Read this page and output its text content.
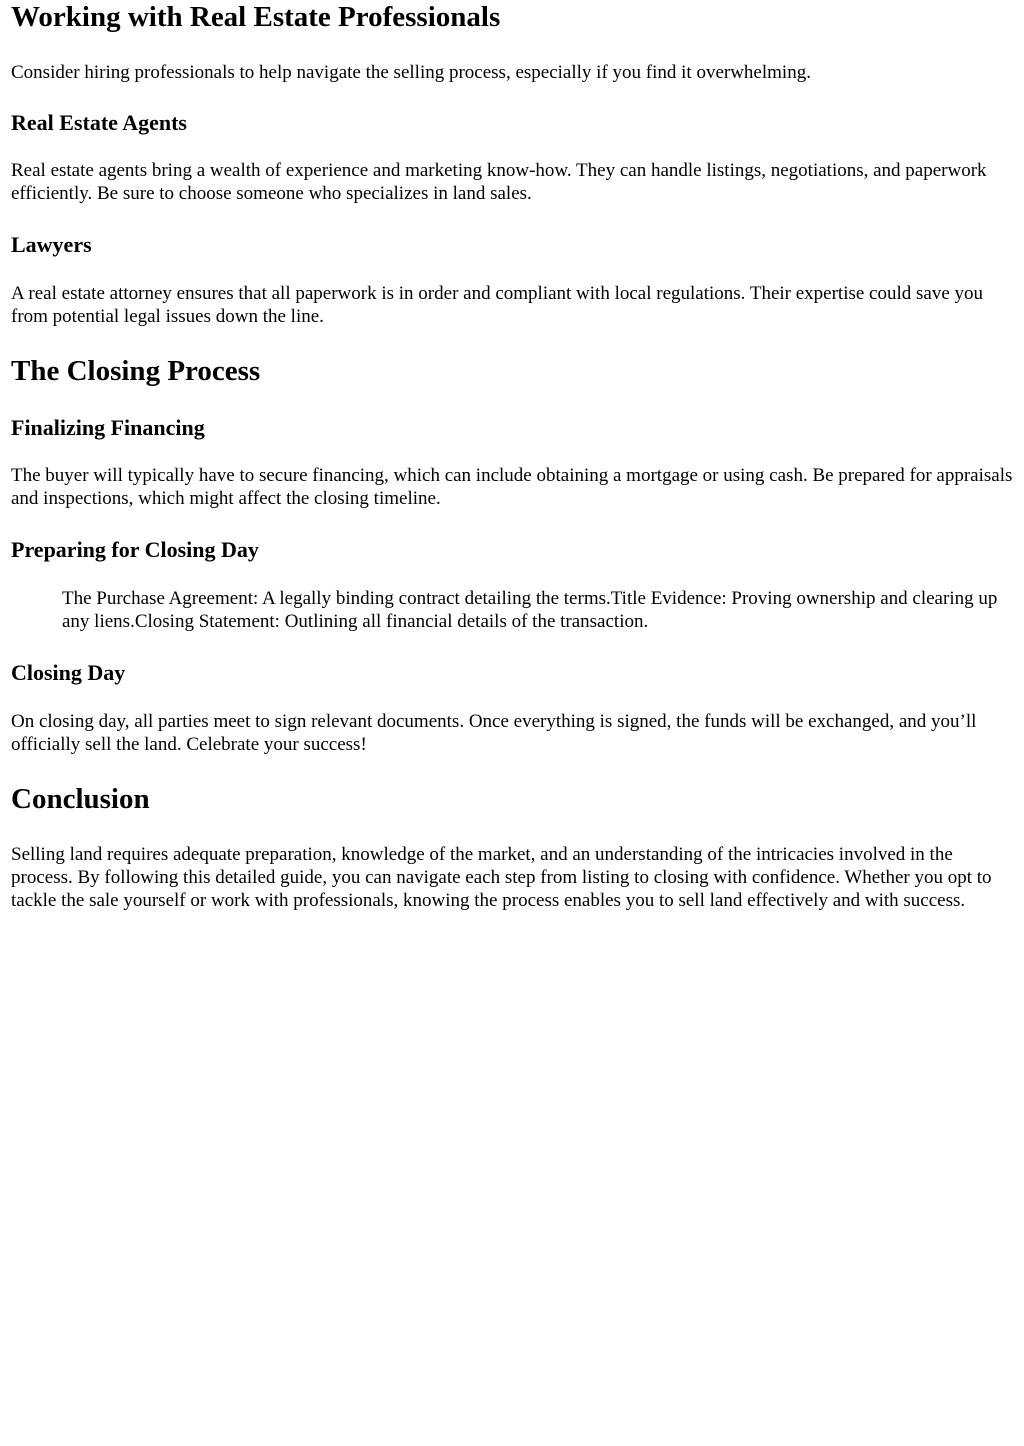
Working with Real Estate Professionals

Consider hiring professionals to help navigate the selling process, especially if you find it overwhelming.

Real Estate Agents

Real estate agents bring a wealth of experience and marketing know-how. They can handle listings, negotiations, and paperwork efficiently. Be sure to choose someone who specializes in land sales.

Lawyers

A real estate attorney ensures that all paperwork is in order and compliant with local regulations. Their expertise could save you from potential legal issues down the line.

The Closing Process
Finalizing Financing

The buyer will typically have to secure financing, which can include obtaining a mortgage or using cash. Be prepared for appraisals and inspections, which might affect the closing timeline.

Preparing for Closing Day
The Purchase Agreement: A legally binding contract detailing the terms.Title Evidence: Proving ownership and clearing up any liens.Closing Statement: Outlining all financial details of the transaction.
Closing Day

On closing day, all parties meet to sign relevant documents. Once everything is signed, the funds will be exchanged, and you’ll officially sell the land. Celebrate your success!

Conclusion

Selling land requires adequate preparation, knowledge of the market, and an understanding of the intricacies involved in the process. By following this detailed guide, you can navigate each step from listing to closing with confidence. Whether you opt to tackle the sale yourself or work with professionals, knowing the process enables you to sell land effectively and with success.
